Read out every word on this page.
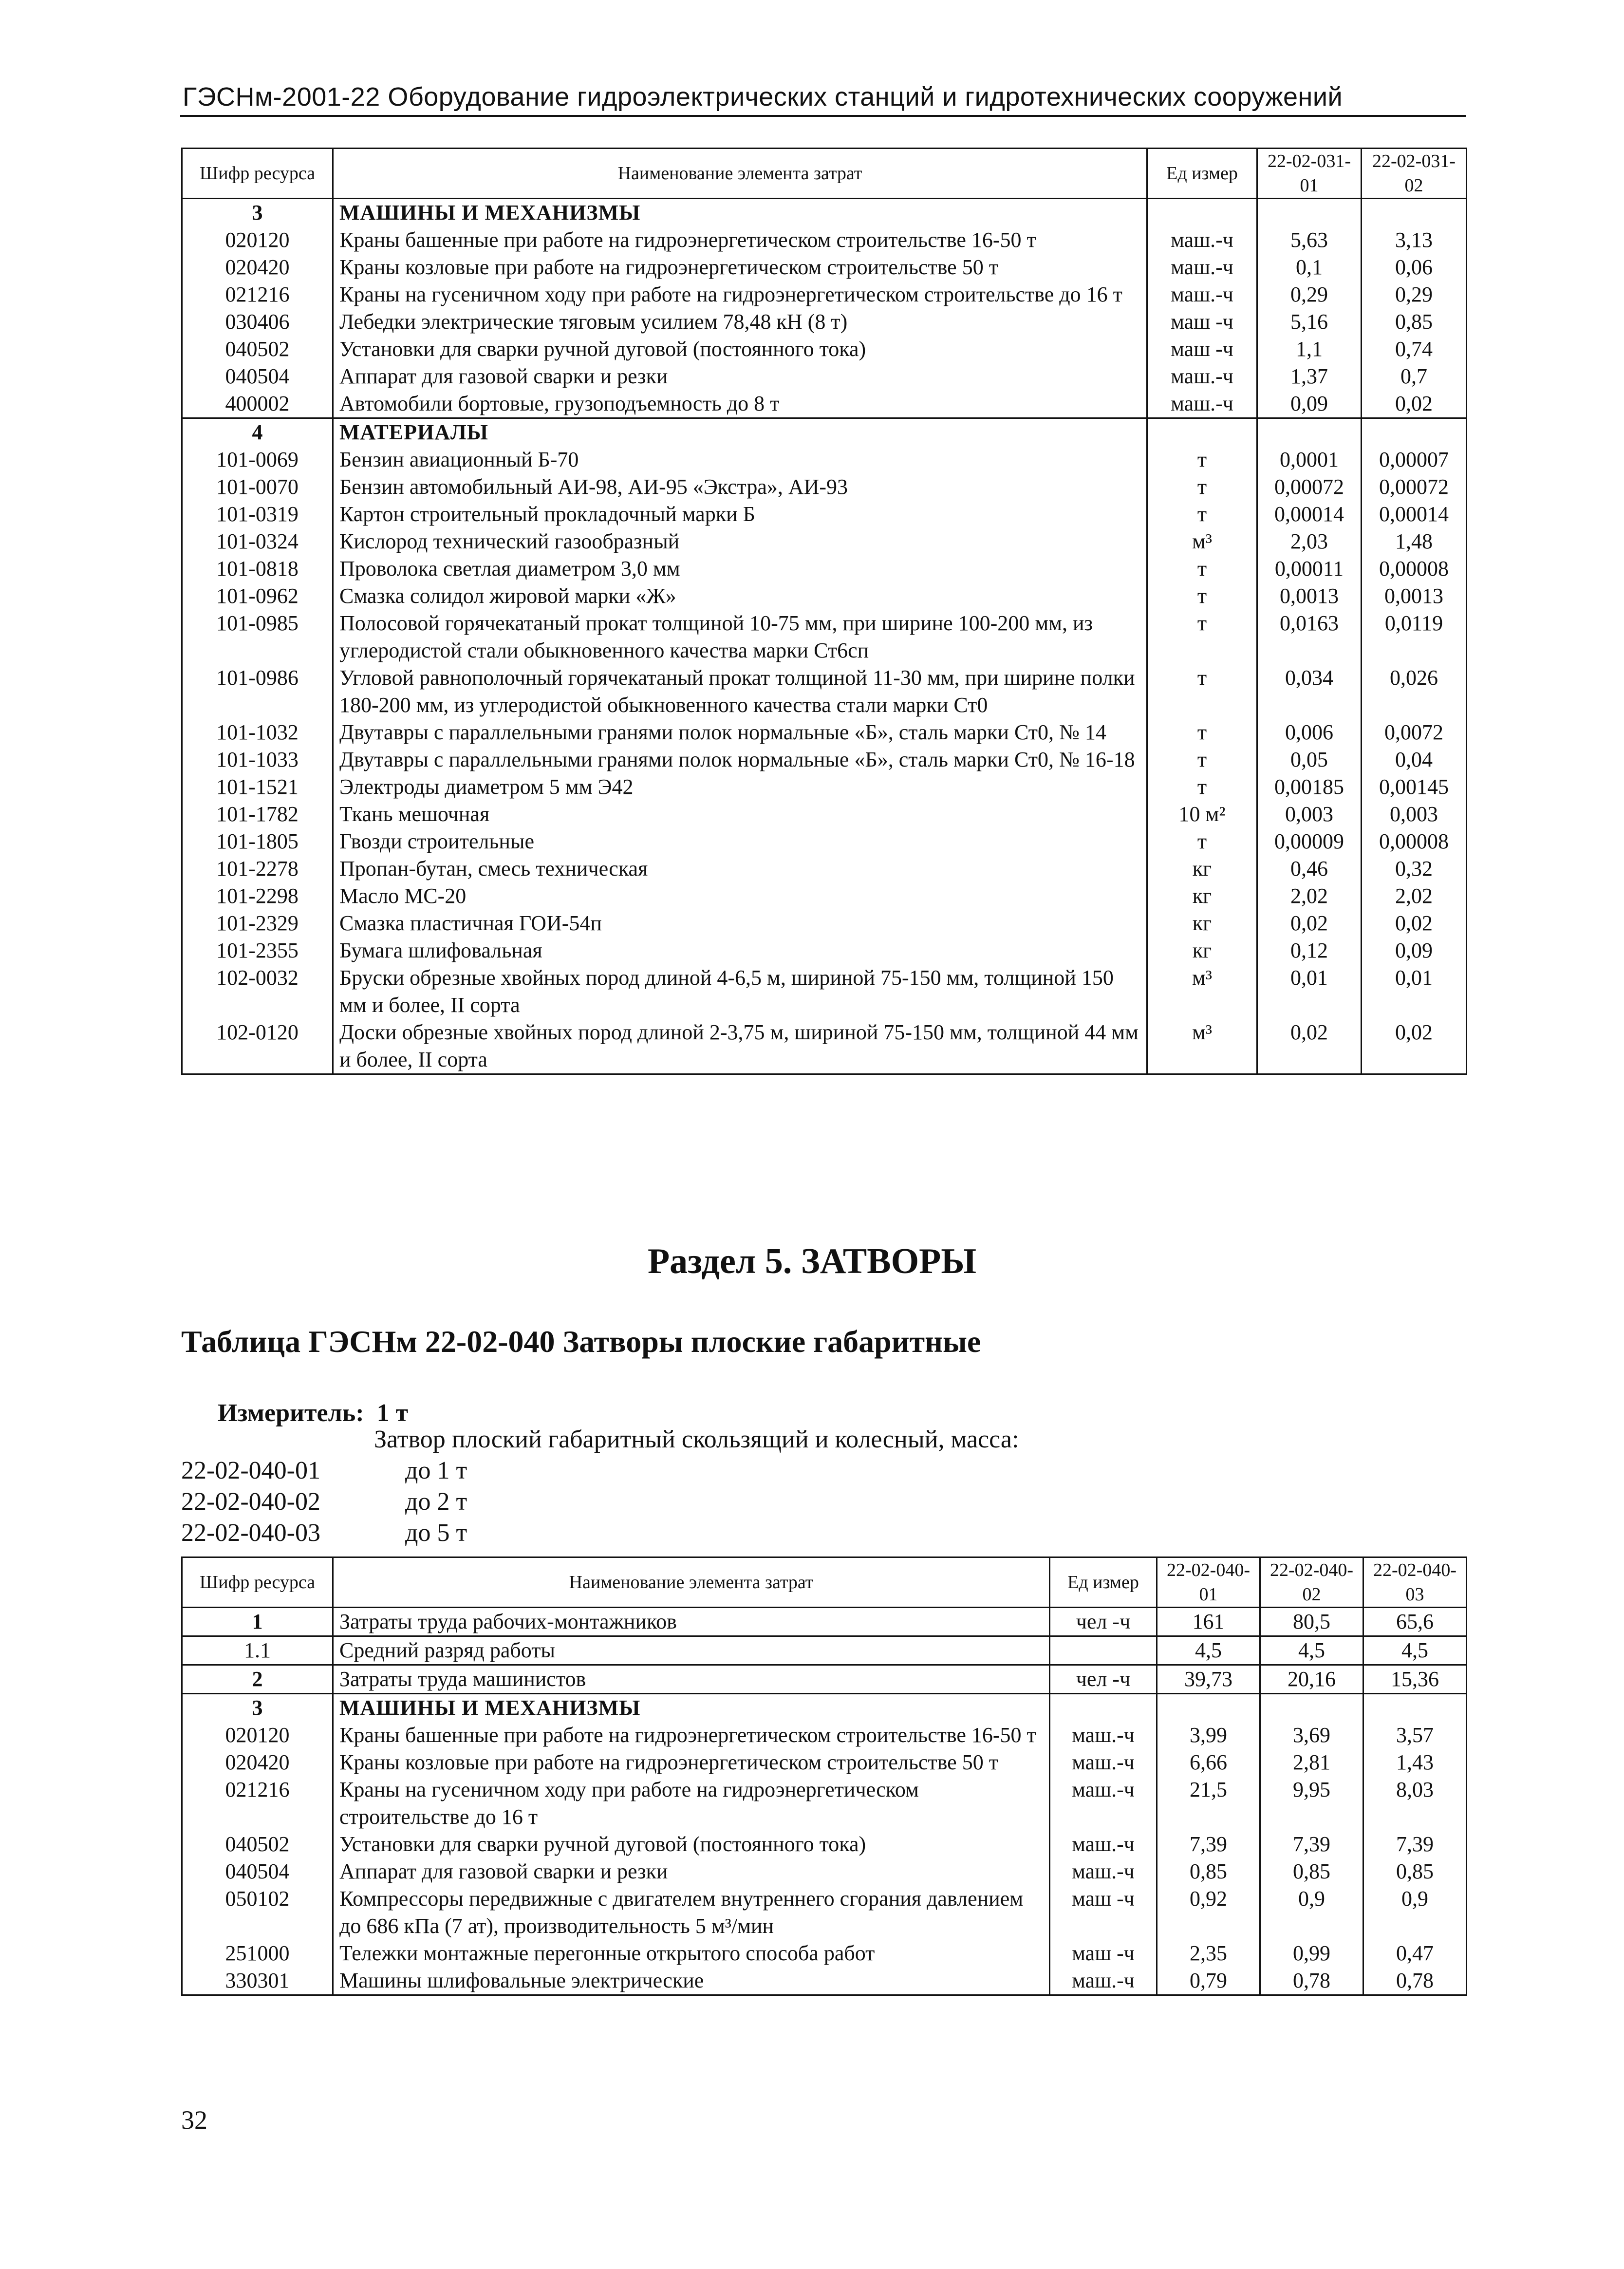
ГЭСНм-2001-22 Оборудование гидроэлектрических станций и гидротехнических сооружений
Шифр ресурса	Наименование элемента затрат	Ед измер	22-02-031-01	22-02-031-02
3	МАШИНЫ И МЕХАНИЗМЫ			
020120	Краны башенные при работе на гидроэнергетическом строительстве 16-50 т	маш.-ч	5,63	3,13
020420	Краны козловые при работе на гидроэнергетическом строительстве 50 т	маш.-ч	0,1	0,06
021216	Краны на гусеничном ходу при работе на гидроэнергетическом строительстве до 16 т	маш.-ч	0,29	0,29
030406	Лебедки электрические тяговым усилием 78,48 кН (8 т)	маш -ч	5,16	0,85
040502	Установки для сварки ручной дуговой (постоянного тока)	маш -ч	1,1	0,74
040504	Аппарат для газовой сварки и резки	маш.-ч	1,37	0,7
400002	Автомобили бортовые, грузоподъемность до 8 т	маш.-ч	0,09	0,02
4	МАТЕРИАЛЫ			
101-0069	Бензин авиационный Б-70	т	0,0001	0,00007
101-0070	Бензин автомобильный АИ-98, АИ-95 «Экстра», АИ-93	т	0,00072	0,00072
101-0319	Картон строительный прокладочный марки Б	т	0,00014	0,00014
101-0324	Кислород технический газообразный	м³	2,03	1,48
101-0818	Проволока светлая диаметром 3,0 мм	т	0,00011	0,00008
101-0962	Смазка солидол жировой марки «Ж»	т	0,0013	0,0013
101-0985	Полосовой горячекатаный прокат толщиной 10-75 мм, при ширине 100-200 мм, из углеродистой стали обыкновенного качества марки Ст6сп	т	0,0163	0,0119
101-0986	Угловой равнополочный горячекатаный прокат толщиной 11-30 мм, при ширине полки 180-200 мм, из углеродистой обыкновенного качества стали марки Ст0	т	0,034	0,026
101-1032	Двутавры с параллельными гранями полок нормальные «Б», сталь марки Ст0, № 14	т	0,006	0,0072
101-1033	Двутавры с параллельными гранями полок нормальные «Б», сталь марки Ст0, № 16-18	т	0,05	0,04
101-1521	Электроды диаметром 5 мм Э42	т	0,00185	0,00145
101-1782	Ткань мешочная	10 м²	0,003	0,003
101-1805	Гвозди строительные	т	0,00009	0,00008
101-2278	Пропан-бутан, смесь техническая	кг	0,46	0,32
101-2298	Масло МС-20	кг	2,02	2,02
101-2329	Смазка пластичная ГОИ-54п	кг	0,02	0,02
101-2355	Бумага шлифовальная	кг	0,12	0,09
102-0032	Бруски обрезные хвойных пород длиной 4-6,5 м, шириной 75-150 мм, толщиной 150 мм и более, II сорта	м³	0,01	0,01
102-0120	Доски обрезные хвойных пород длиной 2-3,75 м, шириной 75-150 мм, толщиной 44 мм и более, II сорта	м³	0,02	0,02
Раздел 5. ЗАТВОРЫ
Таблица ГЭСНм 22-02-040 Затворы плоские габаритные
Измеритель: 1 т
Затвор плоский габаритный скользящий и колесный, масса:
22-02-040-01	до 1 т
22-02-040-02	до 2 т
22-02-040-03	до 5 т
Шифр ресурса	Наименование элемента затрат	Ед измер	22-02-040-01	22-02-040-02	22-02-040-03
1	Затраты труда рабочих-монтажников	чел -ч	161	80,5	65,6
1.1	Средний разряд работы		4,5	4,5	4,5
2	Затраты труда машинистов	чел -ч	39,73	20,16	15,36
3	МАШИНЫ И МЕХАНИЗМЫ				
020120	Краны башенные при работе на гидроэнергетическом строительстве 16-50 т	маш.-ч	3,99	3,69	3,57
020420	Краны козловые при работе на гидроэнергетическом строительстве 50 т	маш.-ч	6,66	2,81	1,43
021216	Краны на гусеничном ходу при работе на гидроэнергетическом строительстве до 16 т	маш.-ч	21,5	9,95	8,03
040502	Установки для сварки ручной дуговой (постоянного тока)	маш.-ч	7,39	7,39	7,39
040504	Аппарат для газовой сварки и резки	маш.-ч	0,85	0,85	0,85
050102	Компрессоры передвижные с двигателем внутреннего сгорания давлением до 686 кПа (7 ат), производительность 5 м³/мин	маш -ч	0,92	0,9	0,9
251000	Тележки монтажные перегонные открытого способа работ	маш -ч	2,35	0,99	0,47
330301	Машины шлифовальные электрические	маш.-ч	0,79	0,78	0,78
32
